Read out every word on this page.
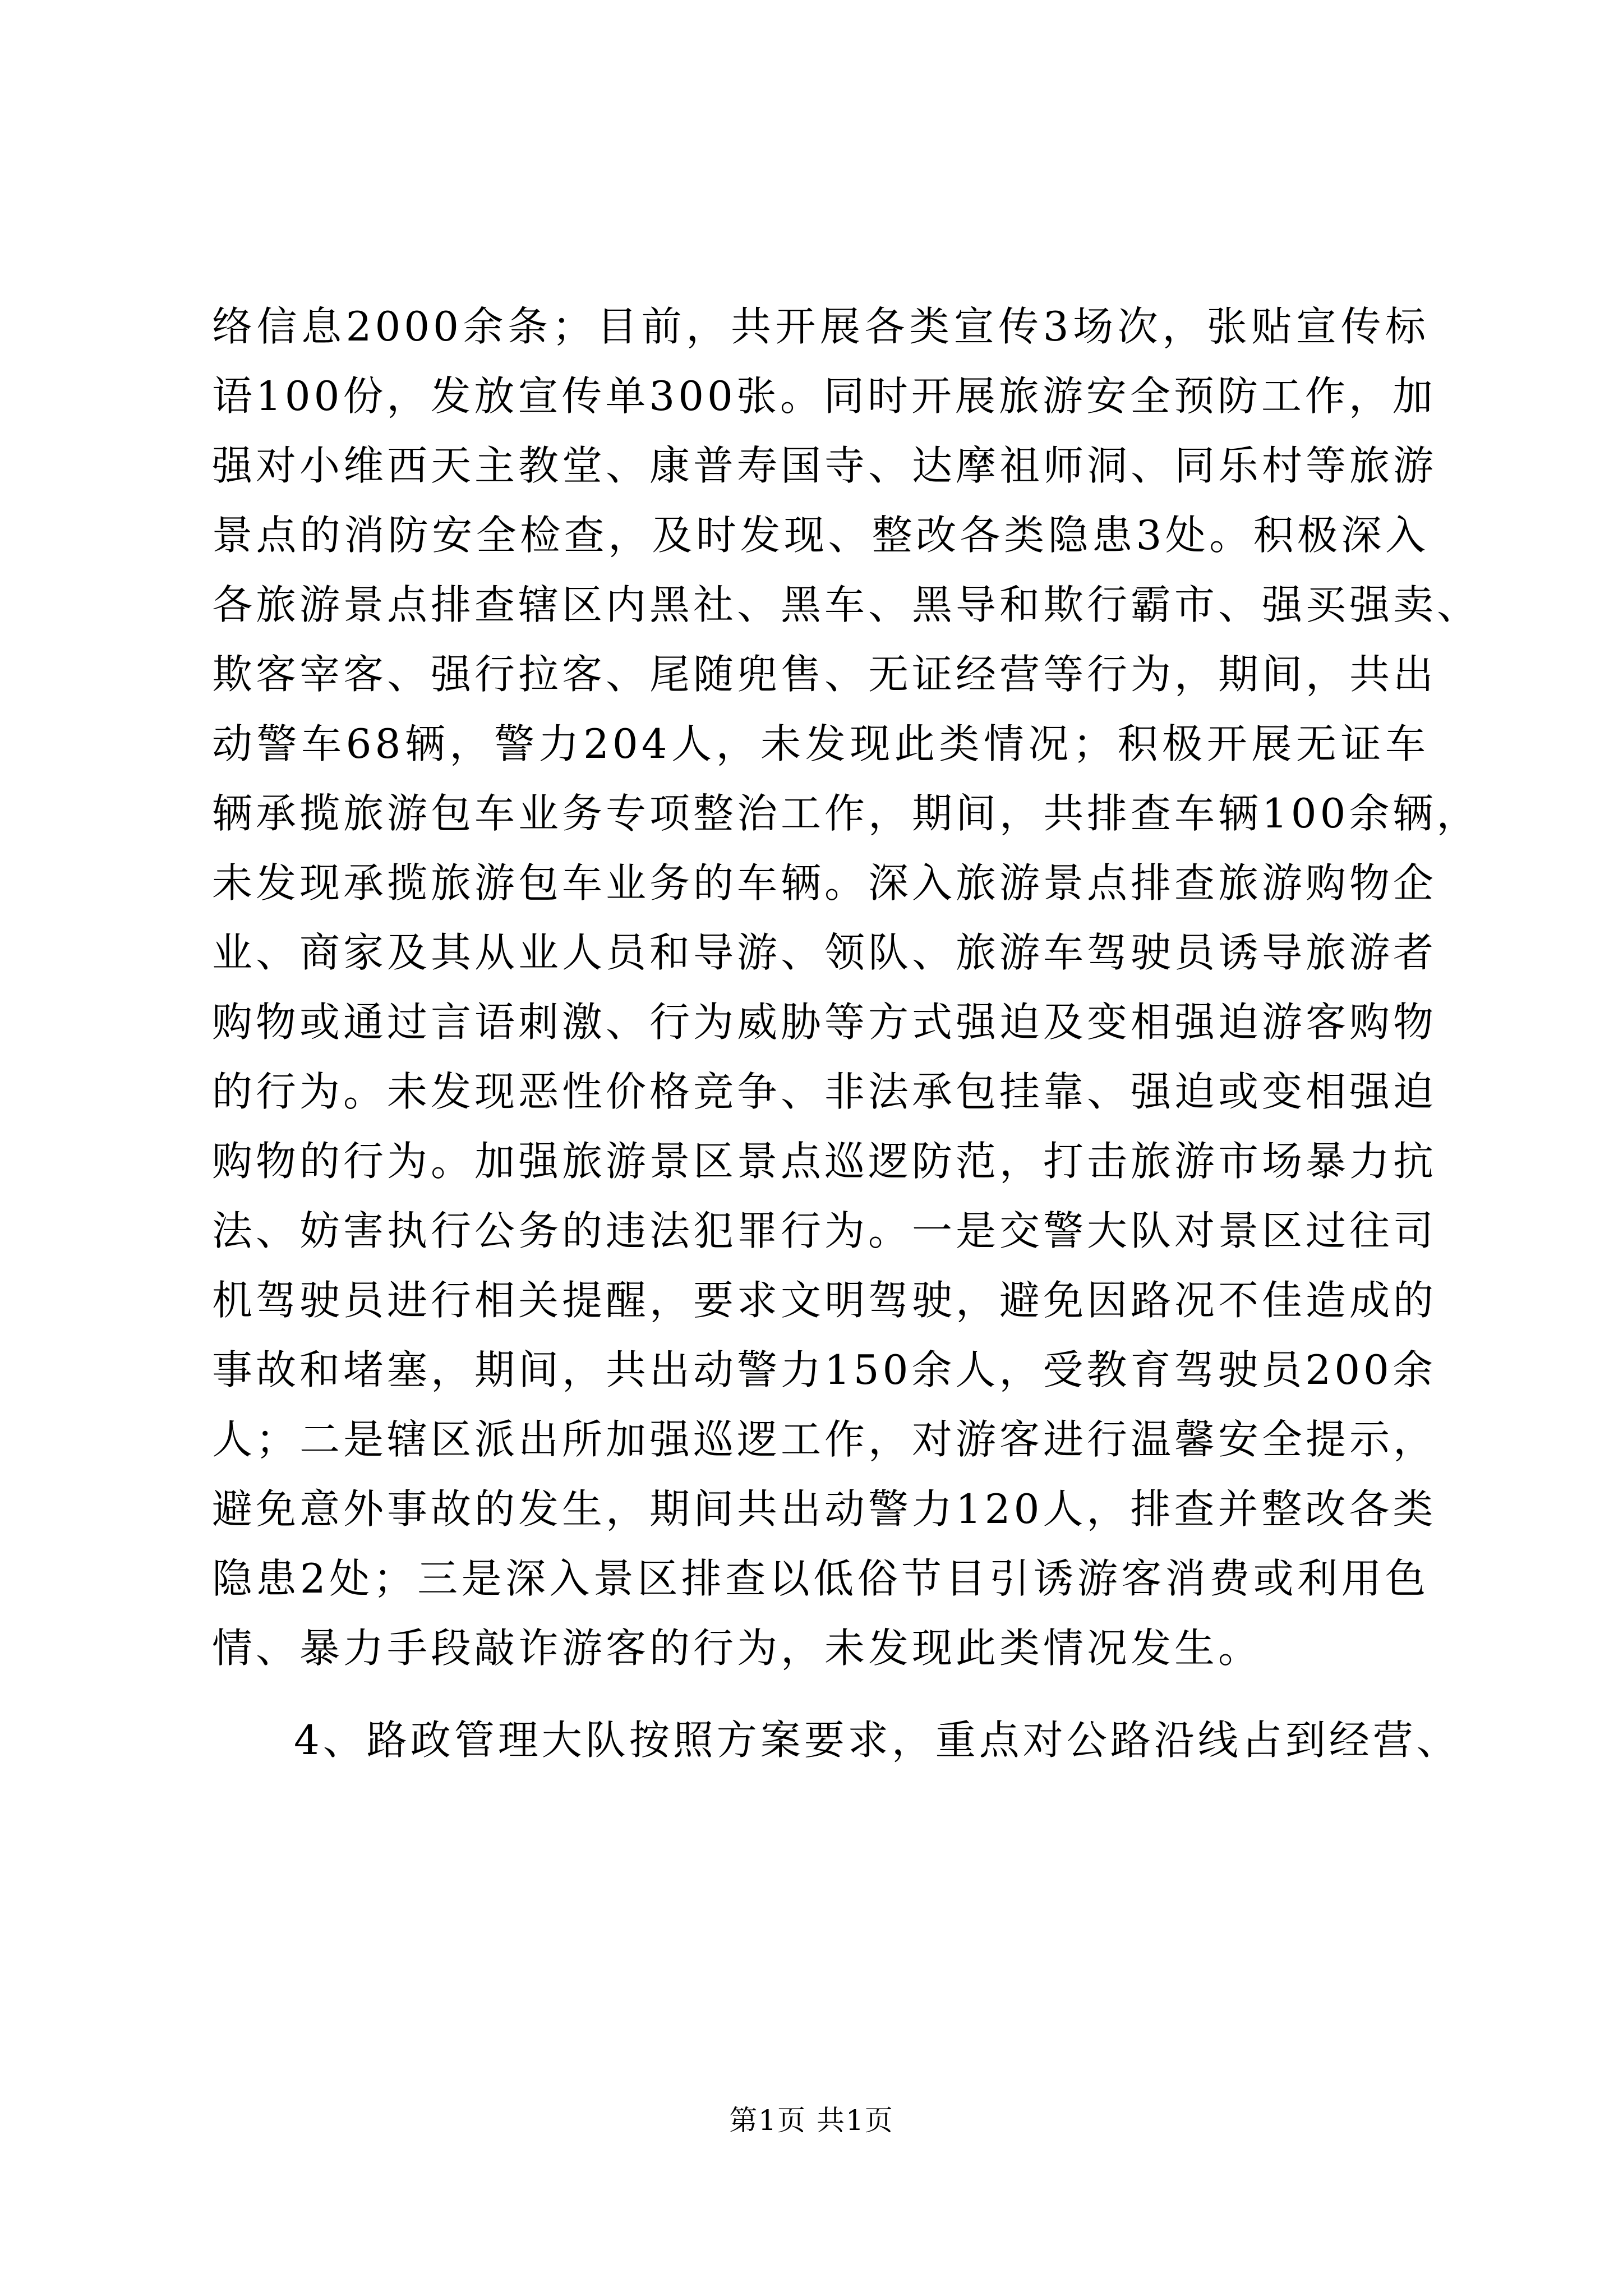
络信息2000余条；目前，共开展各类宣传3场次，张贴宣传标
语100份，发放宣传单300张。同时开展旅游安全预防工作，加
强对小维西天主教堂、康普寿国寺、达摩祖师洞、同乐村等旅游
景点的消防安全检查，及时发现、整改各类隐患3处。积极深入
各旅游景点排查辖区内黑社、黑车、黑导和欺行霸市、强买强卖、
欺客宰客、强行拉客、尾随兜售、无证经营等行为，期间，共出
动警车68辆，警力204人，未发现此类情况；积极开展无证车
辆承揽旅游包车业务专项整治工作，期间，共排查车辆100余辆，
未发现承揽旅游包车业务的车辆。深入旅游景点排查旅游购物企
业、商家及其从业人员和导游、领队、旅游车驾驶员诱导旅游者
购物或通过言语刺激、行为威胁等方式强迫及变相强迫游客购物
的行为。未发现恶性价格竞争、非法承包挂靠、强迫或变相强迫
购物的行为。加强旅游景区景点巡逻防范，打击旅游市场暴力抗
法、妨害执行公务的违法犯罪行为。一是交警大队对景区过往司
机驾驶员进行相关提醒，要求文明驾驶，避免因路况不佳造成的
事故和堵塞，期间，共出动警力150余人，受教育驾驶员200余
人；二是辖区派出所加强巡逻工作，对游客进行温馨安全提示，
避免意外事故的发生，期间共出动警力120人，排查并整改各类
隐患2处；三是深入景区排查以低俗节目引诱游客消费或利用色
情、暴力手段敲诈游客的行为，未发现此类情况发生。
4、路政管理大队按照方案要求，重点对公路沿线占到经营、
第1页 共1页
